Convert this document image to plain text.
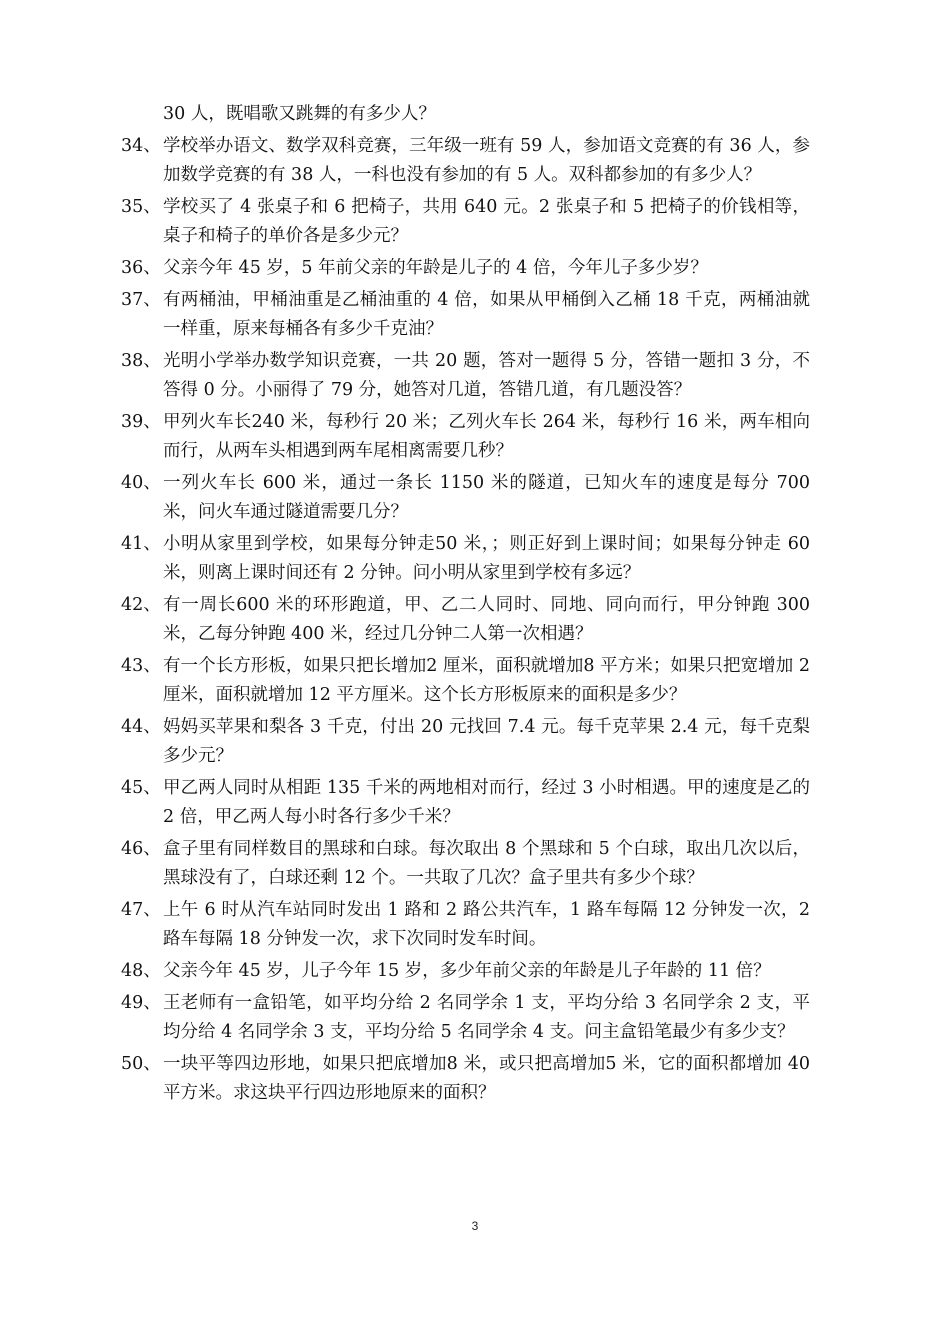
30 人，既唱歌又跳舞的有多少人？

34、 学校举办语文、数学双科竞赛，三年级一班有 59 人，参加语文竞赛的有 36 人，参加数学竞赛的有 38 人，一科也没有参加的有 5 人。双科都参加的有多少人？

35、 学校买了 4 张桌子和 6 把椅子，共用 640 元。2 张桌子和 5 把椅子的价钱相等，桌子和椅子的单价各是多少元？

36、 父亲今年 45 岁，5 年前父亲的年龄是儿子的 4 倍，今年儿子多少岁？

37、 有两桶油，甲桶油重是乙桶油重的 4 倍，如果从甲桶倒入乙桶 18 千克，两桶油就一样重，原来每桶各有多少千克油？

38、 光明小学举办数学知识竞赛，一共 20 题，答对一题得 5 分，答错一题扣 3 分，不答得 0 分。小丽得了 79 分，她答对几道，答错几道，有几题没答？

39、 甲列火车长240 米，每秒行 20 米；乙列火车长 264 米，每秒行 16 米，两车相向而行，从两车头相遇到两车尾相离需要几秒？

40、 一列火车长 600 米，通过一条长 1150 米的隧道，已知火车的速度是每分 700 米，问火车通过隧道需要几分？

41、 小明从家里到学校，如果每分钟走50 米，；则正好到上课时间；如果每分钟走 60 米，则离上课时间还有 2 分钟。问小明从家里到学校有多远？

42、 有一周长600 米的环形跑道，甲、乙二人同时、同地、同向而行，甲分钟跑 300 米，乙每分钟跑 400 米，经过几分钟二人第一次相遇？

43、 有一个长方形板，如果只把长增加2 厘米，面积就增加8 平方米；如果只把宽增加 2 厘米，面积就增加 12 平方厘米。这个长方形板原来的面积是多少？

44、 妈妈买苹果和梨各 3 千克，付出 20 元找回 7.4 元。每千克苹果 2.4 元，每千克梨多少元？

45、 甲乙两人同时从相距 135 千米的两地相对而行，经过 3 小时相遇。甲的速度是乙的 2 倍，甲乙两人每小时各行多少千米？

46、 盒子里有同样数目的黑球和白球。每次取出 8 个黑球和 5 个白球，取出几次以后，黑球没有了，白球还剩 12 个。一共取了几次？盒子里共有多少个球？

47、 上午 6 时从汽车站同时发出 1 路和 2 路公共汽车，1 路车每隔 12 分钟发一次，2 路车每隔 18 分钟发一次，求下次同时发车时间。

48、 父亲今年 45 岁，儿子今年 15 岁，多少年前父亲的年龄是儿子年龄的 11 倍？

49、 王老师有一盒铅笔，如平均分给 2 名同学余 1 支，平均分给 3 名同学余 2 支，平均分给 4 名同学余 3 支，平均分给 5 名同学余 4 支。问主盒铅笔最少有多少支？

50、 一块平等四边形地，如果只把底增加8 米，或只把高增加5 米，它的面积都增加 40 平方米。求这块平行四边形地原来的面积？

3
